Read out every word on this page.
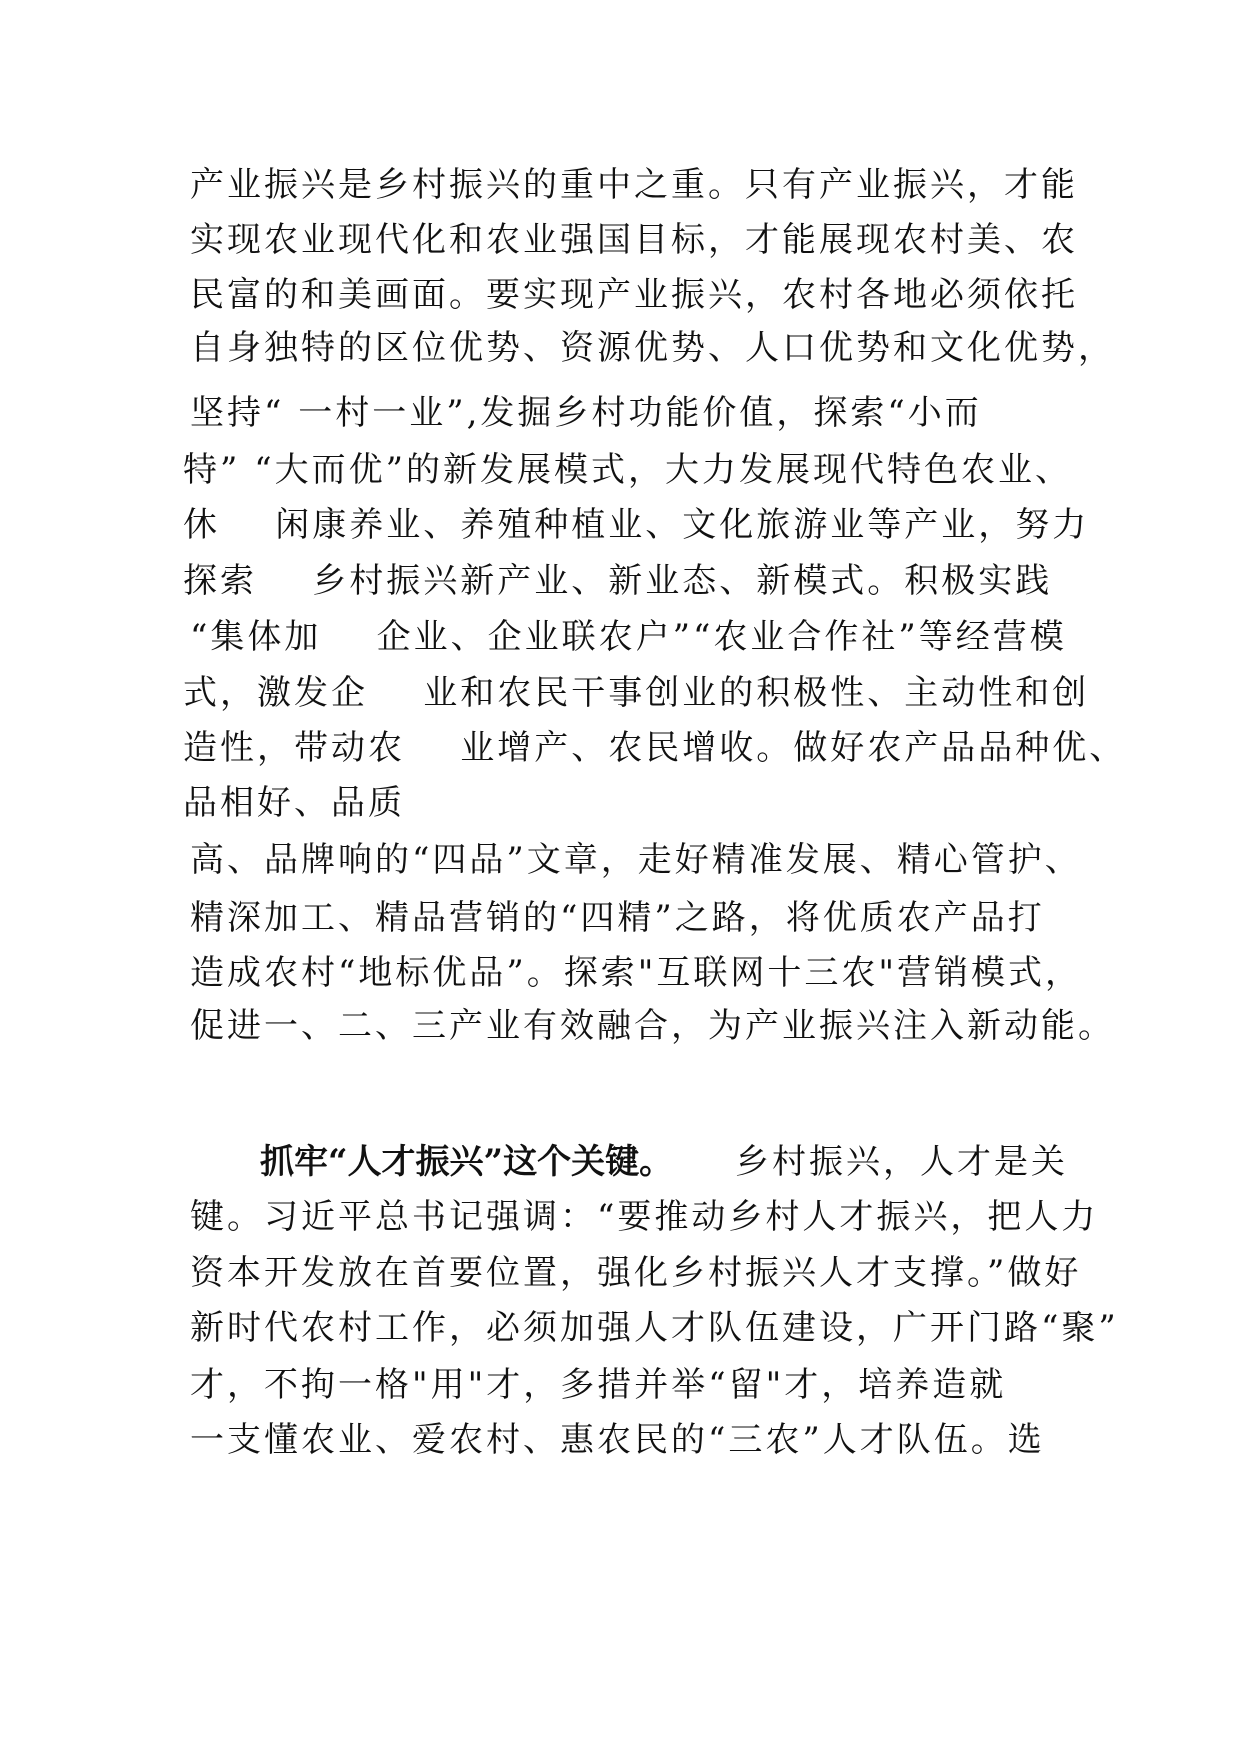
产业振兴是乡村振兴的重中之重。只有产业振兴，才能
实现农业现代化和农业强国目标，才能展现农村美、农
民富的和美画面。要实现产业振兴，农村各地必须依托
自身独特的区位优势、资源优势、人口优势和文化优势，
坚持“ 一村一业”,发掘乡村功能价值，探索“小而
特” “大而优”的新发展模式，大力发展现代特色农业、
休    闲康养业、养殖种植业、文化旅游业等产业，努力
探索    乡村振兴新产业、新业态、新模式。积极实践
“集体加    企业、企业联农户”“农业合作社”等经营模
式，激发企    业和农民干事创业的积极性、主动性和创
造性，带动农    业增产、农民增收。做好农产品品种优、
品相好、品质
高、品牌响的“四品”文章，走好精准发展、精心管护、
精深加工、精品营销的“四精”之路，将优质农产品打
造成农村“地标优品”。探索"互联网十三农"营销模式，
促进一、二、三产业有效融合，为产业振兴注入新动能。
抓牢“人才振兴”这个关键。 乡村振兴，人才是关
键。习近平总书记强调：“要推动乡村人才振兴，把人力
资本开发放在首要位置，强化乡村振兴人才支撑。”做好
新时代农村工作，必须加强人才队伍建设，广开门路“聚”
才，不拘一格"用"才，多措并举“留"才，培养造就
一支懂农业、爱农村、惠农民的“三农”人才队伍。选
